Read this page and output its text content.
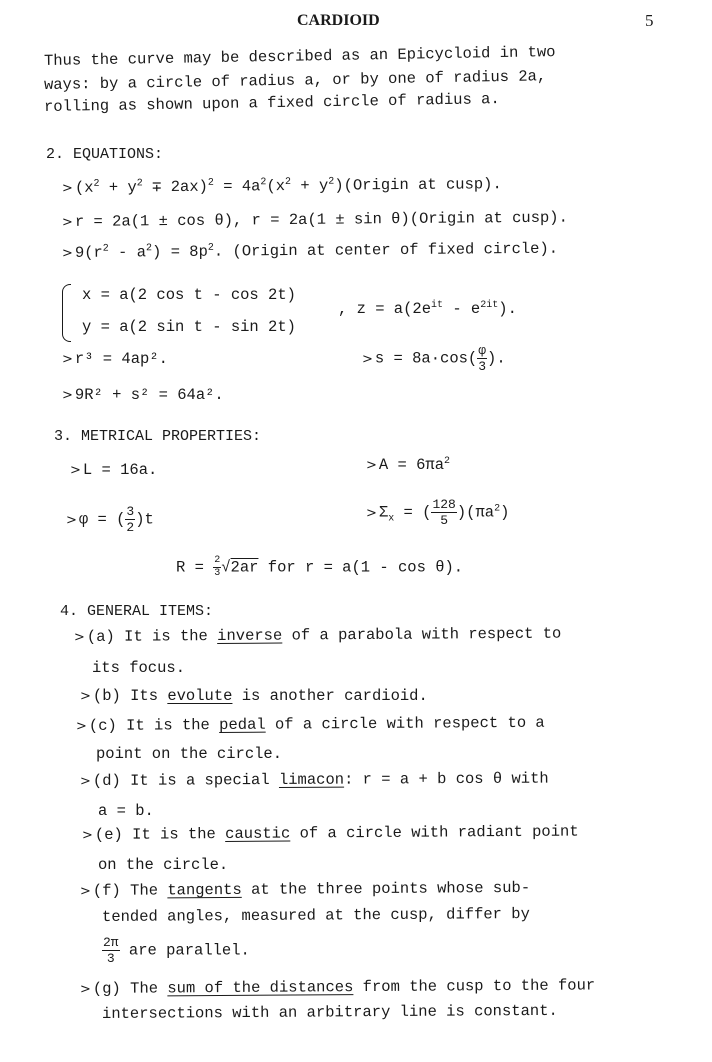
CARDIOID	5
Thus the curve may be described as an Epicycloid in two
ways: by a circle of radius a, or by one of radius 2a,
rolling as shown upon a fixed circle of radius a.
2. EQUATIONS:
> $(x^2 + y^2 \mp 2ax)^2 = 4a^2(x^2$ + $y^2)(Origin$ at cusp).
> r = 2a(1 ± cos θ), r = 2a(1 ± sin θ)(Origin at cusp).
> $9(r^2 - a^2) = 8p^2$. (Origin at center of fixed circle).
x = a(2 cos t - cos 2t)
y = a(2 sin t - sin 2t)
, $z = a(2e^{it} - e^{2it})$.
> r³ = 4ap².	> $s = 8a\cdot\cos( \frac{\varphi}{3}$ ).
> 9R² + s² = 64a².
3. METRICAL PROPERTIES:
> L = 16a.	> $A = 6\pi a^2$
> φ = ( $\frac{3}{2} )t$	> $\Sigma_x$ = ( $\frac{128}{5} )(\pi a^2)$
$R = \frac{2}{3} √2ar$ for r = a(1 - cos θ).
4. GENERAL ITEMS:
> (a) It is the inverse of a parabola with respect to
its focus.
> (b) Its evolute is another cardioid.
> (c) It is the pedal of a circle with respect to a
point on the circle.
> (d) It is a special limacon: r = a + b cos θ with
a = b.
> (e) It is the caustic of a circle with radiant point
on the circle.
> (f) The tangents at the three points whose sub-
tended angles, measured at the cusp, differ by
$\frac{2\pi}{3}$ are parallel.
> (g) The sum of the distances from the cusp to the four
intersections with an arbitrary line is constant.
